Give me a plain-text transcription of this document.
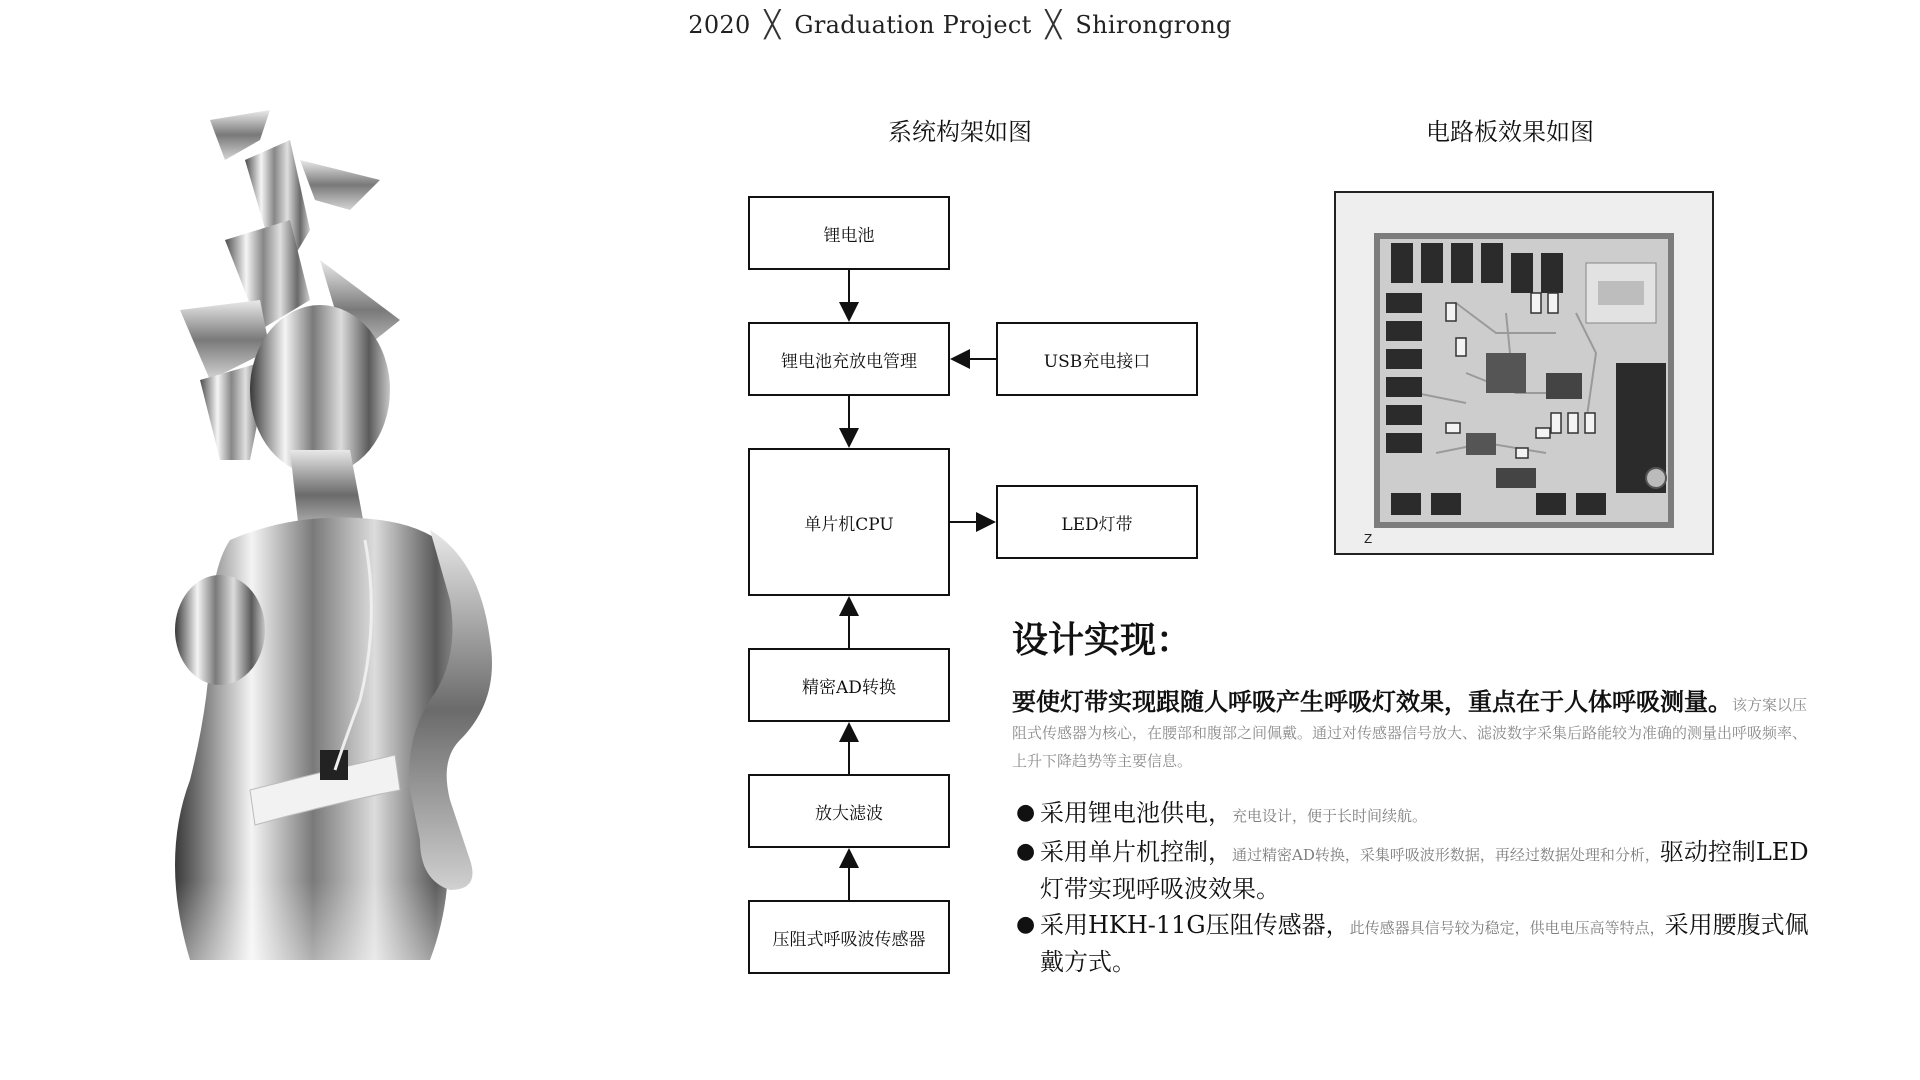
2020 ╳ Graduation Project ╳ Shirongrong
系统构架如图	电路板效果如图
锂电池
锂电池充放电管理	USB充电接口
单片机CPU	LED灯带
精密AD转换
放大滤波
压阻式呼吸波传感器
Z
设计实现：
要使灯带实现跟随人呼吸产生呼吸灯效果，重点在于人体呼吸测量。该方案以压阻式传感器为核心，在腰部和腹部之间佩戴。通过对传感器信号放大、滤波数字采集后路能较为准确的测量出呼吸频率、上升下降趋势等主要信息。
● 采用锂电池供电，充电设计，便于长时间续航。
● 采用单片机控制，通过精密AD转换，采集呼吸波形数据，再经过数据处理和分析，驱动控制LED灯带实现呼吸波效果。
● 采用HKH-11G压阻传感器，此传感器具信号较为稳定，供电电压高等特点，采用腰腹式佩戴方式。
